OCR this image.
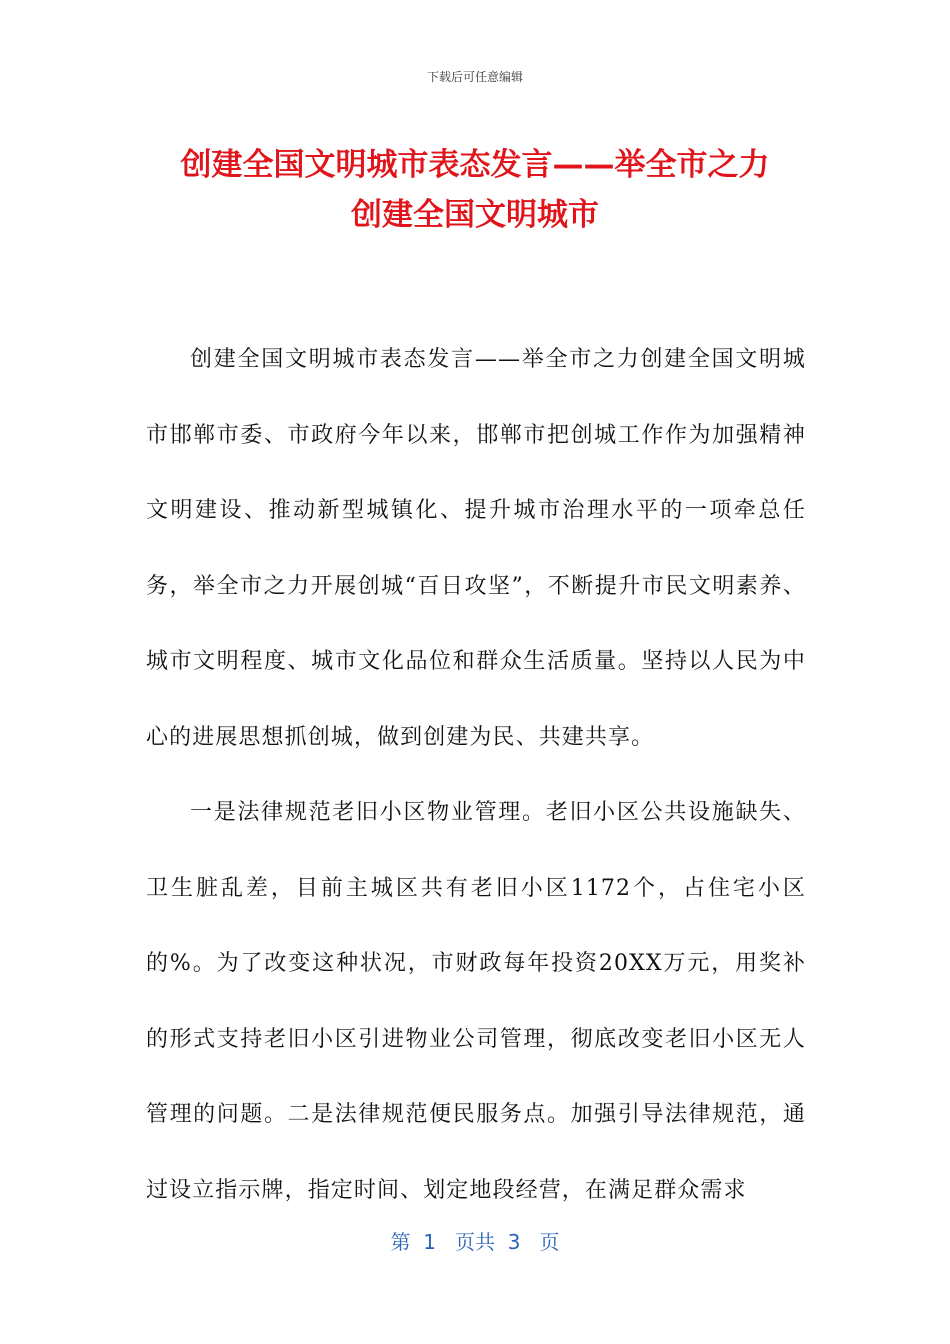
下载后可任意编辑
创建全国文明城市表态发言——举全市之力
创建全国文明城市

创建全国文明城市表态发言——举全市之力创建全国文明城市邯郸市委、市政府今年以来，邯郸市把创城工作作为加强精神文明建设、推动新型城镇化、提升城市治理水平的一项牵总任务，举全市之力开展创城“百日攻坚”，不断提升市民文明素养、城市文明程度、城市文化品位和群众生活质量。坚持以人民为中心的进展思想抓创城，做到创建为民、共建共享。

一是法律规范老旧小区物业管理。老旧小区公共设施缺失、卫生脏乱差，目前主城区共有老旧小区1172个，占住宅小区的%。为了改变这种状况，市财政每年投资20XX万元，用奖补的形式支持老旧小区引进物业公司管理，彻底改变老旧小区无人管理的问题。二是法律规范便民服务点。加强引导法律规范，通过设立指示牌，指定时间、划定地段经营，在满足群众需求

第  1   页共  3   页
